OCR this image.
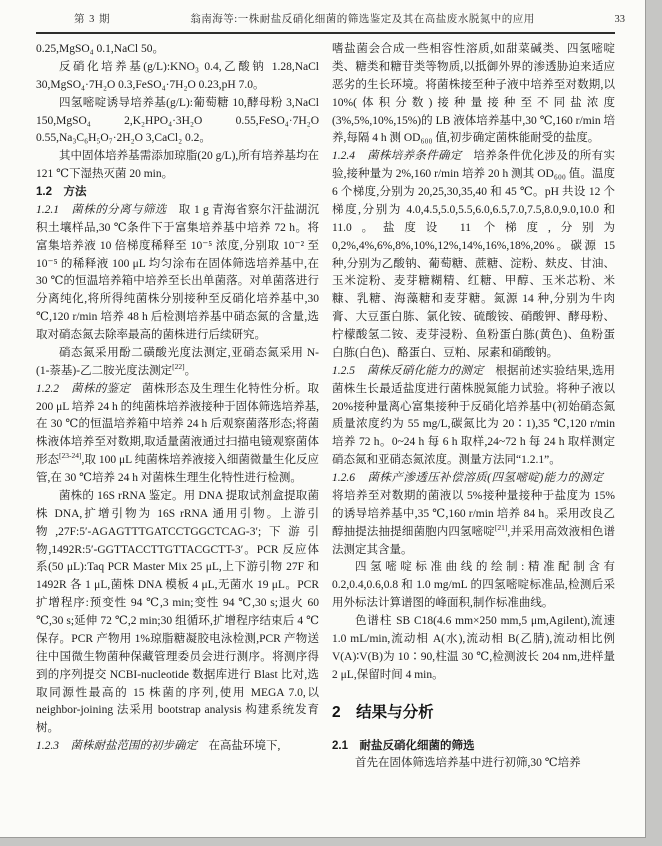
第 3 期	翁南海等:一株耐盐反硝化细菌的筛选鉴定及其在高盐废水脱氮中的应用	33

0.25,MgSO₄ 0.1,NaCl 50。

反硝化培养基(g/L):KNO₃ 0.4,乙酸钠 1.28,NaCl 30,MgSO₄·7H₂O 0.3,FeSO₄·7H₂O 0.23,pH 7.0。

四氢嘧啶诱导培养基(g/L):葡萄糖 10,酵母粉 3,NaCl 150,MgSO₄ 2,K₂HPO₄·3H₂O 0.55,FeSO₄·7H₂O 0.55,Na₃C₆H₅O₇·2H₂O 3,CaCl₂ 0.2。

其中固体培养基需添加琼脂(20 g/L),所有培养基均在 121 ℃下湿热灭菌 20 min。

1.2　方法

1.2.1　菌株的分离与筛选　取 1 g 青海省察尔汗盐湖沉积土壤样品,30 ℃条件下于富集培养基中培养 72 h。将富集培养液 10 倍梯度稀释至 10⁻⁵ 浓度,分别取 10⁻² 至 10⁻⁵ 的稀释液 100 μL 均匀涂布在固体筛选培养基中,在 30 ℃的恒温培养箱中培养至长出单菌落。对单菌落进行分离纯化,将所得纯菌株分别接种至反硝化培养基中,30 ℃,120 r/min 培养 48 h 后检测培养基中硝态氮的含量,选取对硝态氮去除率最高的菌株进行后续研究。

硝态氮采用酚二磺酸光度法测定,亚硝态氮采用 N-(1-萘基)-乙二胺光度法测定[22]。

1.2.2　菌株的鉴定　菌株形态及生理生化特性分析。取 200 μL 培养 24 h 的纯菌株培养液接种于固体筛选培养基,在 30 ℃的恒温培养箱中培养 24 h 后观察菌落形态;将菌株液体培养至对数期,取适量菌液通过扫描电镜观察菌体形态[23-24],取 100 μL 纯菌株培养液接入细菌微量生化反应管,在 30 ℃培养 24 h 对菌株生理生化特性进行检测。

菌株的 16S rRNA 鉴定。用 DNA 提取试剂盒提取菌株 DNA,扩增引物为 16S rRNA 通用引物。上游引物,27F:5′-AGAGTTTGATCCTGGCTCAG-3′;下游引物,1492R:5′-GGTTACCTTGTTACGCTT-3′。PCR 反应体系(50 μL):Taq PCR Master Mix 25 μL,上下游引物 27F 和 1492R 各 1 μL,菌株 DNA 模板 4 μL,无菌水 19 μL。PCR 扩增程序:预变性 94 ℃,3 min;变性 94 ℃,30 s;退火 60 ℃,30 s;延伸 72 ℃,2 min;30 组循环,扩增程序结束后 4 ℃保存。PCR 产物用 1%琼脂糖凝胶电泳检测,PCR 产物送往中国微生物菌种保藏管理委员会进行测序。将测序得到的序列提交 NCBI-nucleotide 数据库进行 Blast 比对,选取同源性最高的 15 株菌的序列,使用 MEGA 7.0,以 neighbor-joining 法采用 bootstrap analysis 构建系统发育树。

1.2.3　菌株耐盐范围的初步确定　在高盐环境下,

嗜盐菌会合成一些相容性溶质,如甜菜碱类、四氢嘧啶类、糖类和糖苷类等物质,以抵御外界的渗透胁迫来适应恶劣的生长环境。将菌株接至种子液中培养至对数期,以 10%(体积分数)接种量接种至不同盐浓度(3%,5%,10%,15%)的 LB 液体培养基中,30 ℃,160 r/min 培养,每隔 4 h 测 OD₆₀₀ 值,初步确定菌株能耐受的盐度。

1.2.4　菌株培养条件确定　培养条件优化涉及的所有实验,接种量为 2%,160 r/min 培养 20 h 测其 OD₆₀₀ 值。温度 6 个梯度,分别为 20,25,30,35,40 和 45 ℃。pH 共设 12 个梯度,分别为 4.0,4.5,5.0,5.5,6.0,6.5,7.0,7.5,8.0,9.0,10.0 和 11.0。盐度设 11 个梯度,分别为 0,2%,4%,6%,8%,10%,12%,14%,16%,18%,20%。碳源 15 种,分别为乙酸钠、葡萄糖、蔗糖、淀粉、麸皮、甘油、玉米淀粉、麦芽糖糊精、红糖、甲醇、玉米芯粉、米糠、乳糖、海藻糖和麦芽糖。氮源 14 种,分别为牛肉膏、大豆蛋白胨、氯化铵、硫酸铵、硝酸钾、酵母粉、柠檬酸氢二铵、麦芽浸粉、鱼粉蛋白胨(黄色)、鱼粉蛋白胨(白色)、酪蛋白、豆粕、尿素和硝酸钠。

1.2.5　菌株反硝化能力的测定　根据前述实验结果,选用菌株生长最适盐度进行菌株脱氮能力试验。将种子液以 20%接种量离心富集接种于反硝化培养基中(初始硝态氮质量浓度约为 55 mg/L,碳氮比为 20∶1),35 ℃,120 r/min 培养 72 h。0~24 h 每 6 h 取样,24~72 h 每 24 h 取样测定硝态氮和亚硝态氮浓度。测量方法同“1.2.1”。

1.2.6　菌株产渗透压补偿溶质(四氢嘧啶)能力的测定　将培养至对数期的菌液以 5%接种量接种于盐度为 15%的诱导培养基中,35 ℃,160 r/min 培养 84 h。采用改良乙醇抽提法抽提细菌胞内四氢嘧啶[21],并采用高效液相色谱法测定其含量。

四氢嘧啶标准曲线的绘制:精准配制含有 0.2,0.4,0.6,0.8 和 1.0 mg/mL 的四氢嘧啶标准品,检测后采用外标法计算谱图的峰面积,制作标准曲线。

色谱柱 SB C18(4.6 mm×250 mm,5 μm,Agilent),流速 1.0 mL/min,流动相 A(水),流动相 B(乙腈),流动相比例 V(A)∶V(B)为 10∶90,柱温 30 ℃,检测波长 204 nm,进样量 2 μL,保留时间 4 min。

2　结果与分析

2.1　耐盐反硝化细菌的筛选

首先在固体筛选培养基中进行初筛,30 ℃培养
